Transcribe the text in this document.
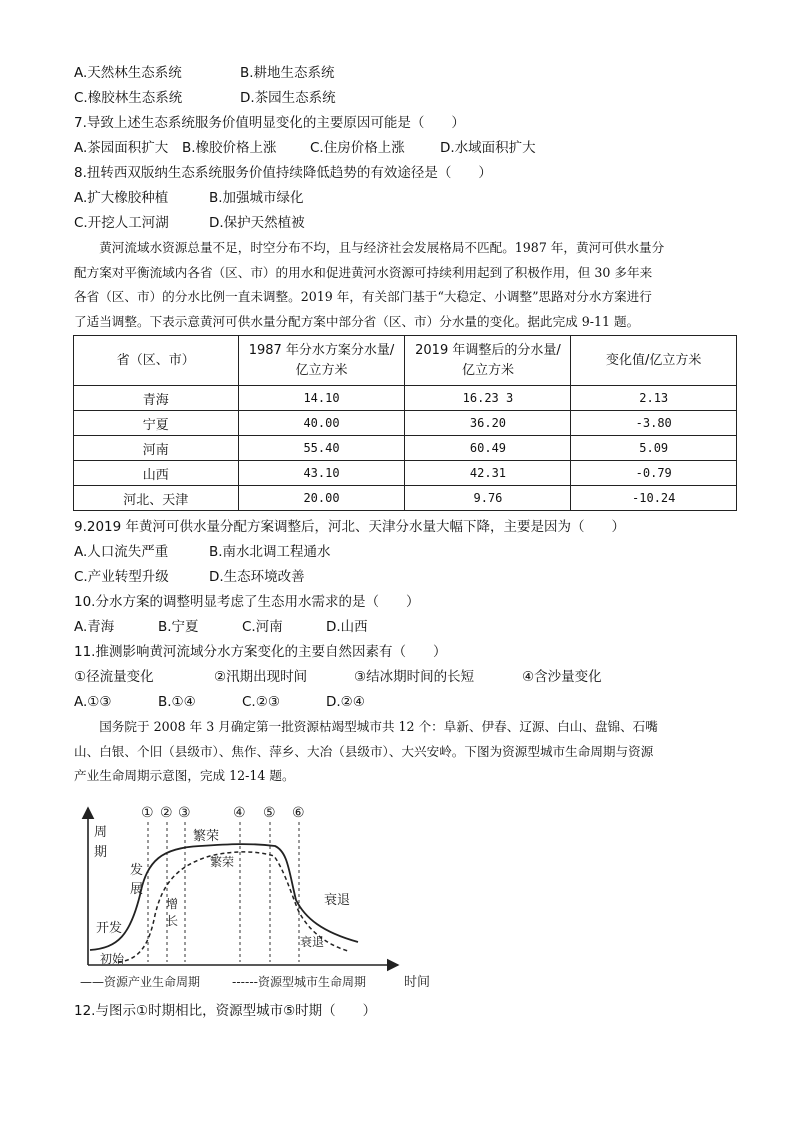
A.天然林生态系统	B.耕地生态系统
C.橡胶林生态系统	D.茶园生态系统
7.导致上述生态系统服务价值明显变化的主要原因可能是（　　）
A.茶园面积扩大 B.橡胶价格上涨 C.住房价格上涨	D.水域面积扩大
8.扭转西双版纳生态系统服务价值持续降低趋势的有效途径是（　　）
A.扩大橡胶种植	B.加强城市绿化
C.开挖人工河湖	D.保护天然植被

黄河流域水资源总量不足，时空分布不均，且与经济社会发展格局不匹配。1987 年，黄河可供水量分

配方案对平衡流域内各省（区、市）的用水和促进黄河水资源可持续利用起到了积极作用，但 30 多年来

各省（区、市）的分水比例一直未调整。2019 年，有关部门基于“大稳定、小调整”思路对分水方案进行

了适当调整。下表示意黄河可供水量分配方案中部分省（区、市）分水量的变化。据此完成 9-11 题。

省（区、市）	1987 年分水方案分水量/亿立方米	2019 年调整后的分水量/亿立方米	变化值/亿立方米
青海	14.10	16.23 3	2.13
宁夏	40.00	36.20	-3.80
河南	55.40	60.49	5.09
山西	43.10	42.31	-0.79
河北、天津	20.00	9.76	-10.24
9.2019 年黄河可供水量分配方案调整后，河北、天津分水量大幅下降，主要是因为（　　）
A.人口流失严重	B.南水北调工程通水
C.产业转型升级	D.生态环境改善
10.分水方案的调整明显考虑了生态用水需求的是（　　）
A.青海	B.宁夏	C.河南	D.山西
11.推测影响黄河流域分水方案变化的主要自然因素有（　　）
①径流量变化	②汛期出现时间	③结冰期时间的长短	④含沙量变化
A.①③	B.①④	C.②③	D.②④

国务院于 2008 年 3 月确定第一批资源枯竭型城市共 12 个：阜新、伊春、辽源、白山、盘锦、石嘴

山、白银、个旧（县级市）、焦作、萍乡、大冶（县级市）、大兴安岭。下图为资源型城市生命周期与资源

产业生命周期示意图，完成 12-14 题。

周
期
时间
① ② ③	④ ⑤ ⑥
开发
发
展
繁荣
衰退
初始
增
长
繁荣
衰退
——资源产业生命周期	------资源型城市生命周期
12.与图示①时期相比，资源型城市⑤时期（　　）
